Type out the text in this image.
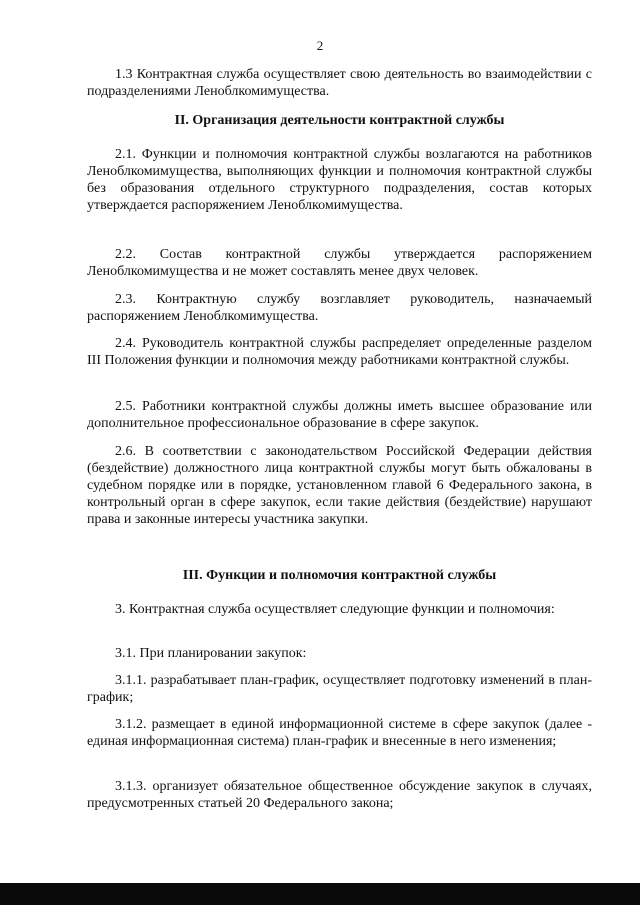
2

1.3 Контрактная служба осуществляет свою деятельность во взаимодействии с подразделениями Леноблкомимущества.

II. Организация деятельности контрактной службы

2.1. Функции и полномочия контрактной службы возлагаются на работников Леноблкомимущества, выполняющих функции и полномочия контрактной службы без образования отдельного структурного подразделения, состав которых утверждается распоряжением Леноблкомимущества.

2.2. Состав контрактной службы утверждается распоряжением Леноблкомимущества и не может составлять менее двух человек.

2.3. Контрактную службу возглавляет руководитель, назначаемый распоряжением Леноблкомимущества.

2.4. Руководитель контрактной службы распределяет определенные разделом III Положения функции и полномочия между работниками контрактной службы.

2.5. Работники контрактной службы должны иметь высшее образование или дополнительное профессиональное образование в сфере закупок.

2.6. В соответствии с законодательством Российской Федерации действия (бездействие) должностного лица контрактной службы могут быть обжалованы в судебном порядке или в порядке, установленном главой 6 Федерального закона, в контрольный орган в сфере закупок, если такие действия (бездействие) нарушают права и законные интересы участника закупки.

III. Функции и полномочия контрактной службы

3. Контрактная служба осуществляет следующие функции и полномочия:

3.1. При планировании закупок:

3.1.1. разрабатывает план-график, осуществляет подготовку изменений в план-график;

3.1.2. размещает в единой информационной системе в сфере закупок (далее - единая информационная система) план-график и внесенные в него изменения;

3.1.3. организует обязательное общественное обсуждение закупок в случаях, предусмотренных статьей 20 Федерального закона;
